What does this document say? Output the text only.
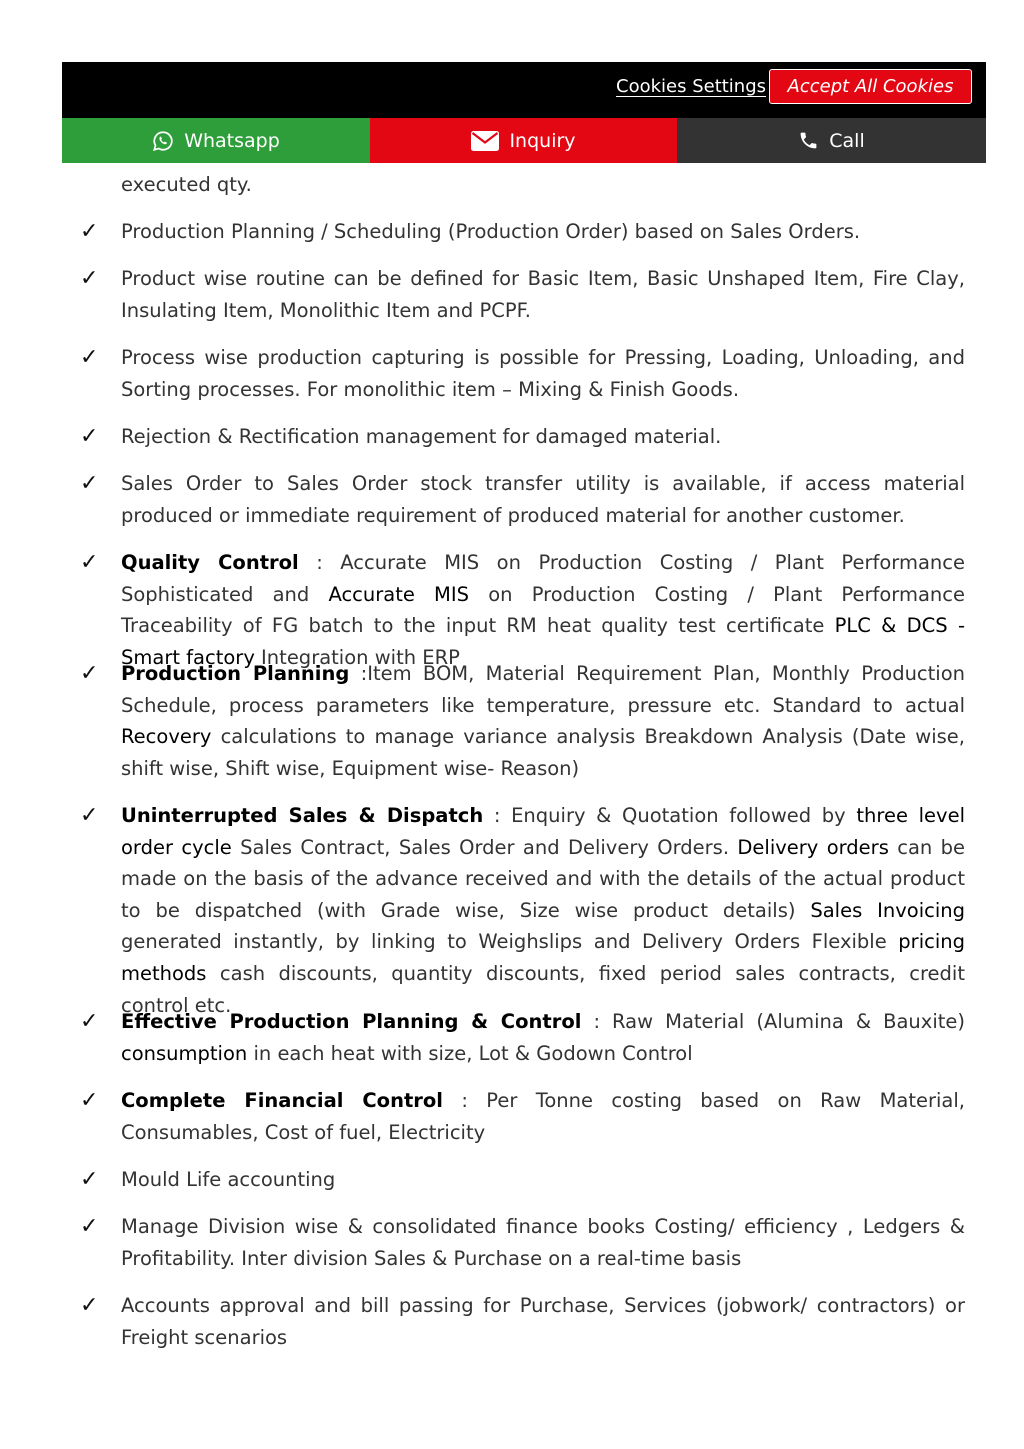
Cookies Settings	Accept All Cookies
Whatsapp	Inquiry	Call
executed qty.
✓ Production Planning / Scheduling (Production Order) based on Sales Orders.
✓ Product wise routine can be defined for Basic Item, Basic Unshaped Item, Fire Clay, Insulating Item, Monolithic Item and PCPF.
✓ Process wise production capturing is possible for Pressing, Loading, Unloading, and Sorting processes. For monolithic item – Mixing & Finish Goods.
✓ Rejection & Rectification management for damaged material.
✓ Sales Order to Sales Order stock transfer utility is available, if access material produced or immediate requirement of produced material for another customer.
✓ Quality Control : Accurate MIS on Production Costing / Plant Performance Sophisticated and Accurate MIS on Production Costing / Plant Performance Traceability of FG batch to the input RM heat quality test certificate PLC & DCS - Smart factory Integration with ERP
✓ Production Planning :Item BOM, Material Requirement Plan, Monthly Production Schedule, process parameters like temperature, pressure etc. Standard to actual Recovery calculations to manage variance analysis Breakdown Analysis (Date wise, shift wise, Shift wise, Equipment wise- Reason)
✓ Uninterrupted Sales & Dispatch : Enquiry & Quotation followed by three level order cycle Sales Contract, Sales Order and Delivery Orders. Delivery orders can be made on the basis of the advance received and with the details of the actual product to be dispatched (with Grade wise, Size wise product details) Sales Invoicing generated instantly, by linking to Weighslips and Delivery Orders Flexible pricing methods cash discounts, quantity discounts, fixed period sales contracts, credit control etc.
✓ Effective Production Planning & Control : Raw Material (Alumina & Bauxite) consumption in each heat with size, Lot & Godown Control
✓ Complete Financial Control : Per Tonne costing based on Raw Material, Consumables, Cost of fuel, Electricity
✓ Mould Life accounting
✓ Manage Division wise & consolidated finance books Costing/ efficiency , Ledgers & Profitability. Inter division Sales & Purchase on a real-time basis
✓ Accounts approval and bill passing for Purchase, Services (jobwork/ contractors) or Freight scenarios
